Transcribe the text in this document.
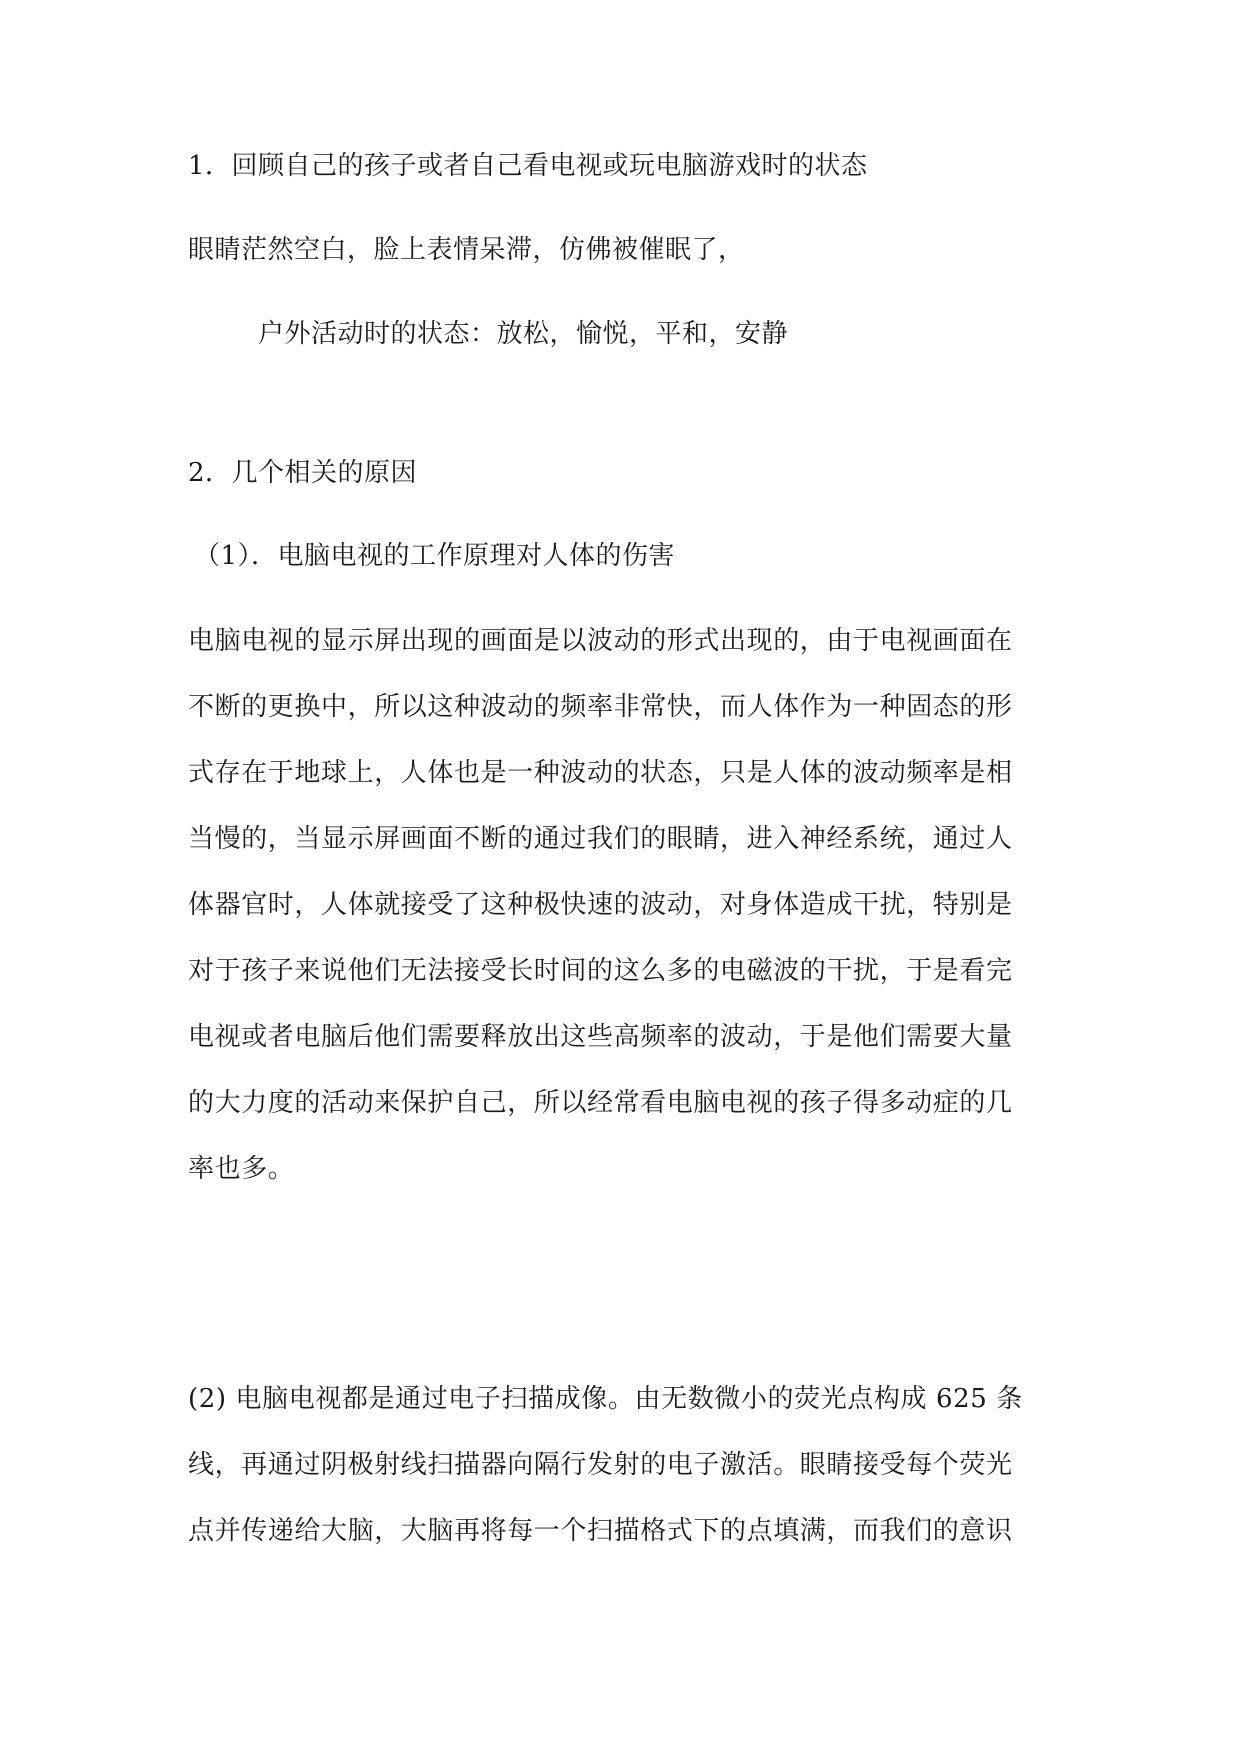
1．回顾自己的孩子或者自己看电视或玩电脑游戏时的状态
眼睛茫然空白，脸上表情呆滞，仿佛被催眠了，
户外活动时的状态：放松，愉悦，平和，安静
2．几个相关的原因
（1）．电脑电视的工作原理对人体的伤害
电脑电视的显示屏出现的画面是以波动的形式出现的，由于电视画面在
不断的更换中，所以这种波动的频率非常快，而人体作为一种固态的形
式存在于地球上，人体也是一种波动的状态，只是人体的波动频率是相
当慢的，当显示屏画面不断的通过我们的眼睛，进入神经系统，通过人
体器官时，人体就接受了这种极快速的波动，对身体造成干扰，特别是
对于孩子来说他们无法接受长时间的这么多的电磁波的干扰，于是看完
电视或者电脑后他们需要释放出这些高频率的波动，于是他们需要大量
的大力度的活动来保护自己，所以经常看电脑电视的孩子得多动症的几
率也多。
(2) 电脑电视都是通过电子扫描成像。由无数微小的荧光点构成 625 条
线，再通过阴极射线扫描器向隔行发射的电子激活。眼睛接受每个荧光
点并传递给大脑，大脑再将每一个扫描格式下的点填满，而我们的意识
